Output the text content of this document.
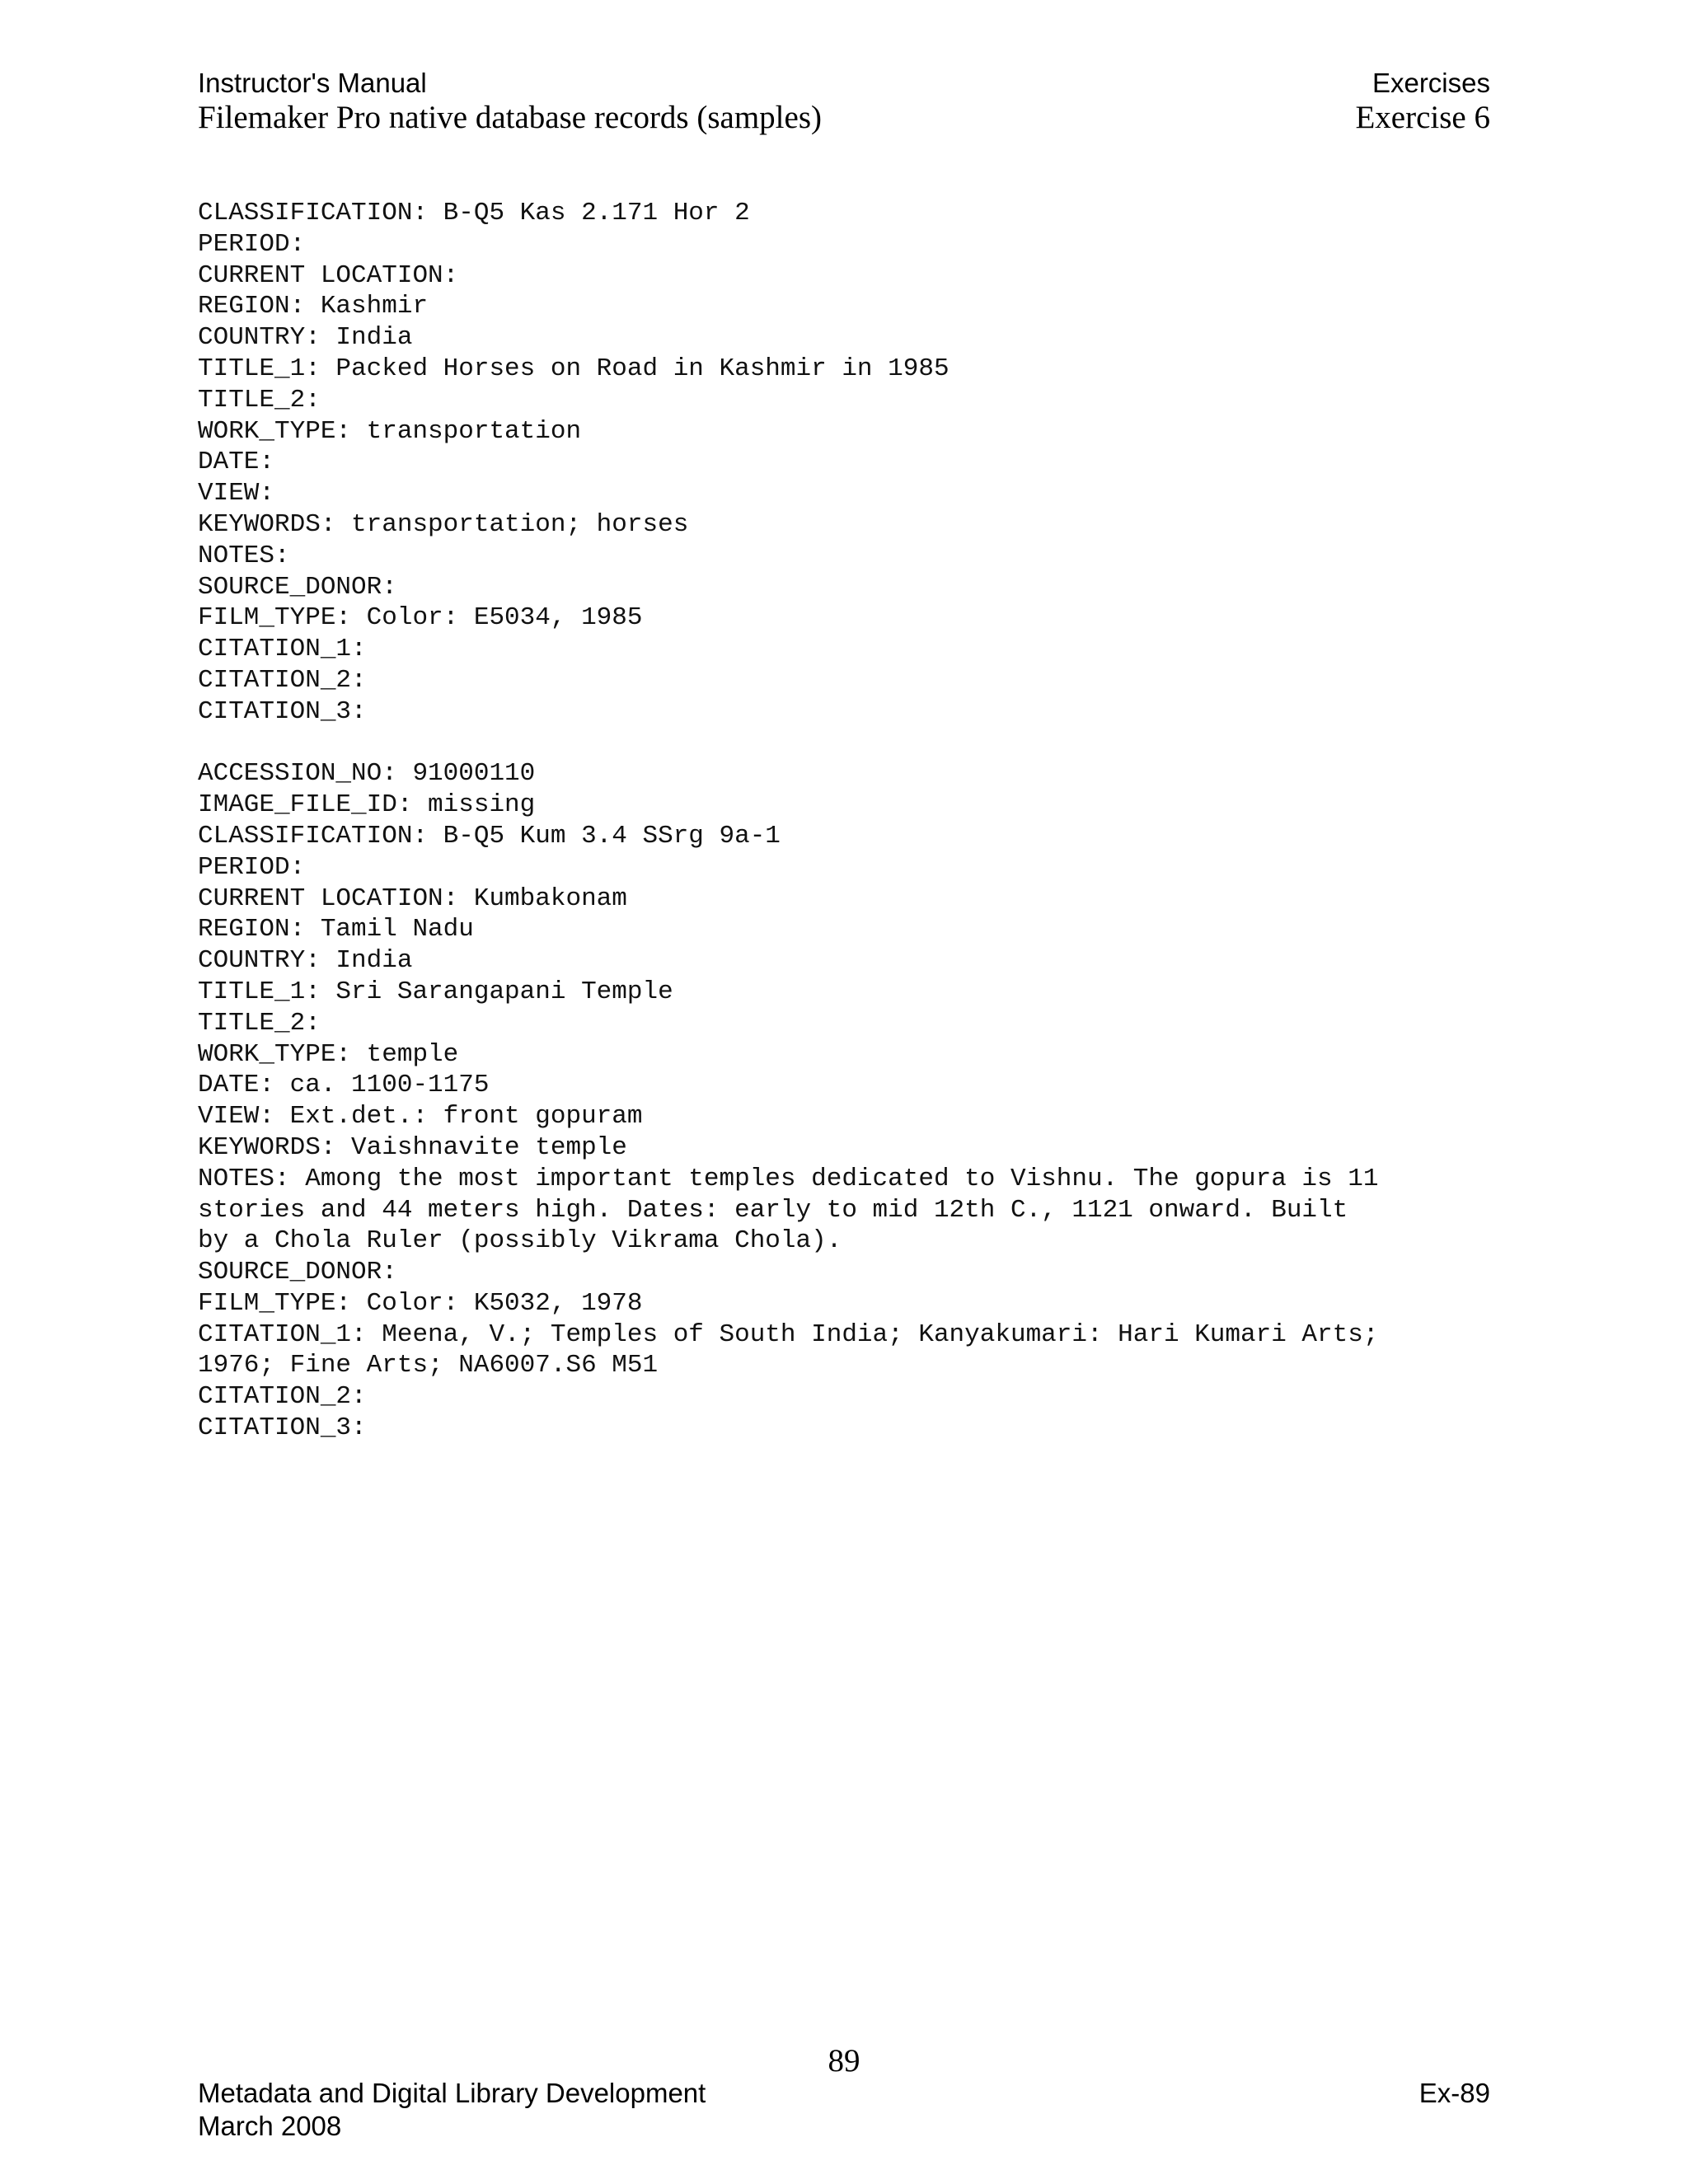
Instructor's Manual	Exercises
Filemaker Pro native database records (samples)	Exercise 6
CLASSIFICATION: B-Q5 Kas 2.171 Hor 2
PERIOD:
CURRENT LOCATION:
REGION: Kashmir
COUNTRY: India
TITLE_1: Packed Horses on Road in Kashmir in 1985
TITLE_2:
WORK_TYPE: transportation
DATE:
VIEW:
KEYWORDS: transportation; horses
NOTES:
SOURCE_DONOR:
FILM_TYPE: Color: E5034, 1985
CITATION_1:
CITATION_2:
CITATION_3:
ACCESSION_NO: 91000110
IMAGE_FILE_ID: missing
CLASSIFICATION: B-Q5 Kum 3.4 SSrg 9a-1
PERIOD:
CURRENT LOCATION: Kumbakonam
REGION: Tamil Nadu
COUNTRY: India
TITLE_1: Sri Sarangapani Temple
TITLE_2:
WORK_TYPE: temple
DATE: ca. 1100-1175
VIEW: Ext.det.: front gopuram
KEYWORDS: Vaishnavite temple
NOTES: Among the most important temples dedicated to Vishnu. The gopura is 11
stories and 44 meters high. Dates: early to mid 12th C., 1121 onward. Built
by a Chola Ruler (possibly Vikrama Chola).
SOURCE_DONOR:
FILM_TYPE: Color: K5032, 1978
CITATION_1: Meena, V.; Temples of South India; Kanyakumari: Hari Kumari Arts;
1976; Fine Arts; NA6007.S6 M51
CITATION_2:
CITATION_3:
89
Metadata and Digital Library Development
March 2008
Ex-89
